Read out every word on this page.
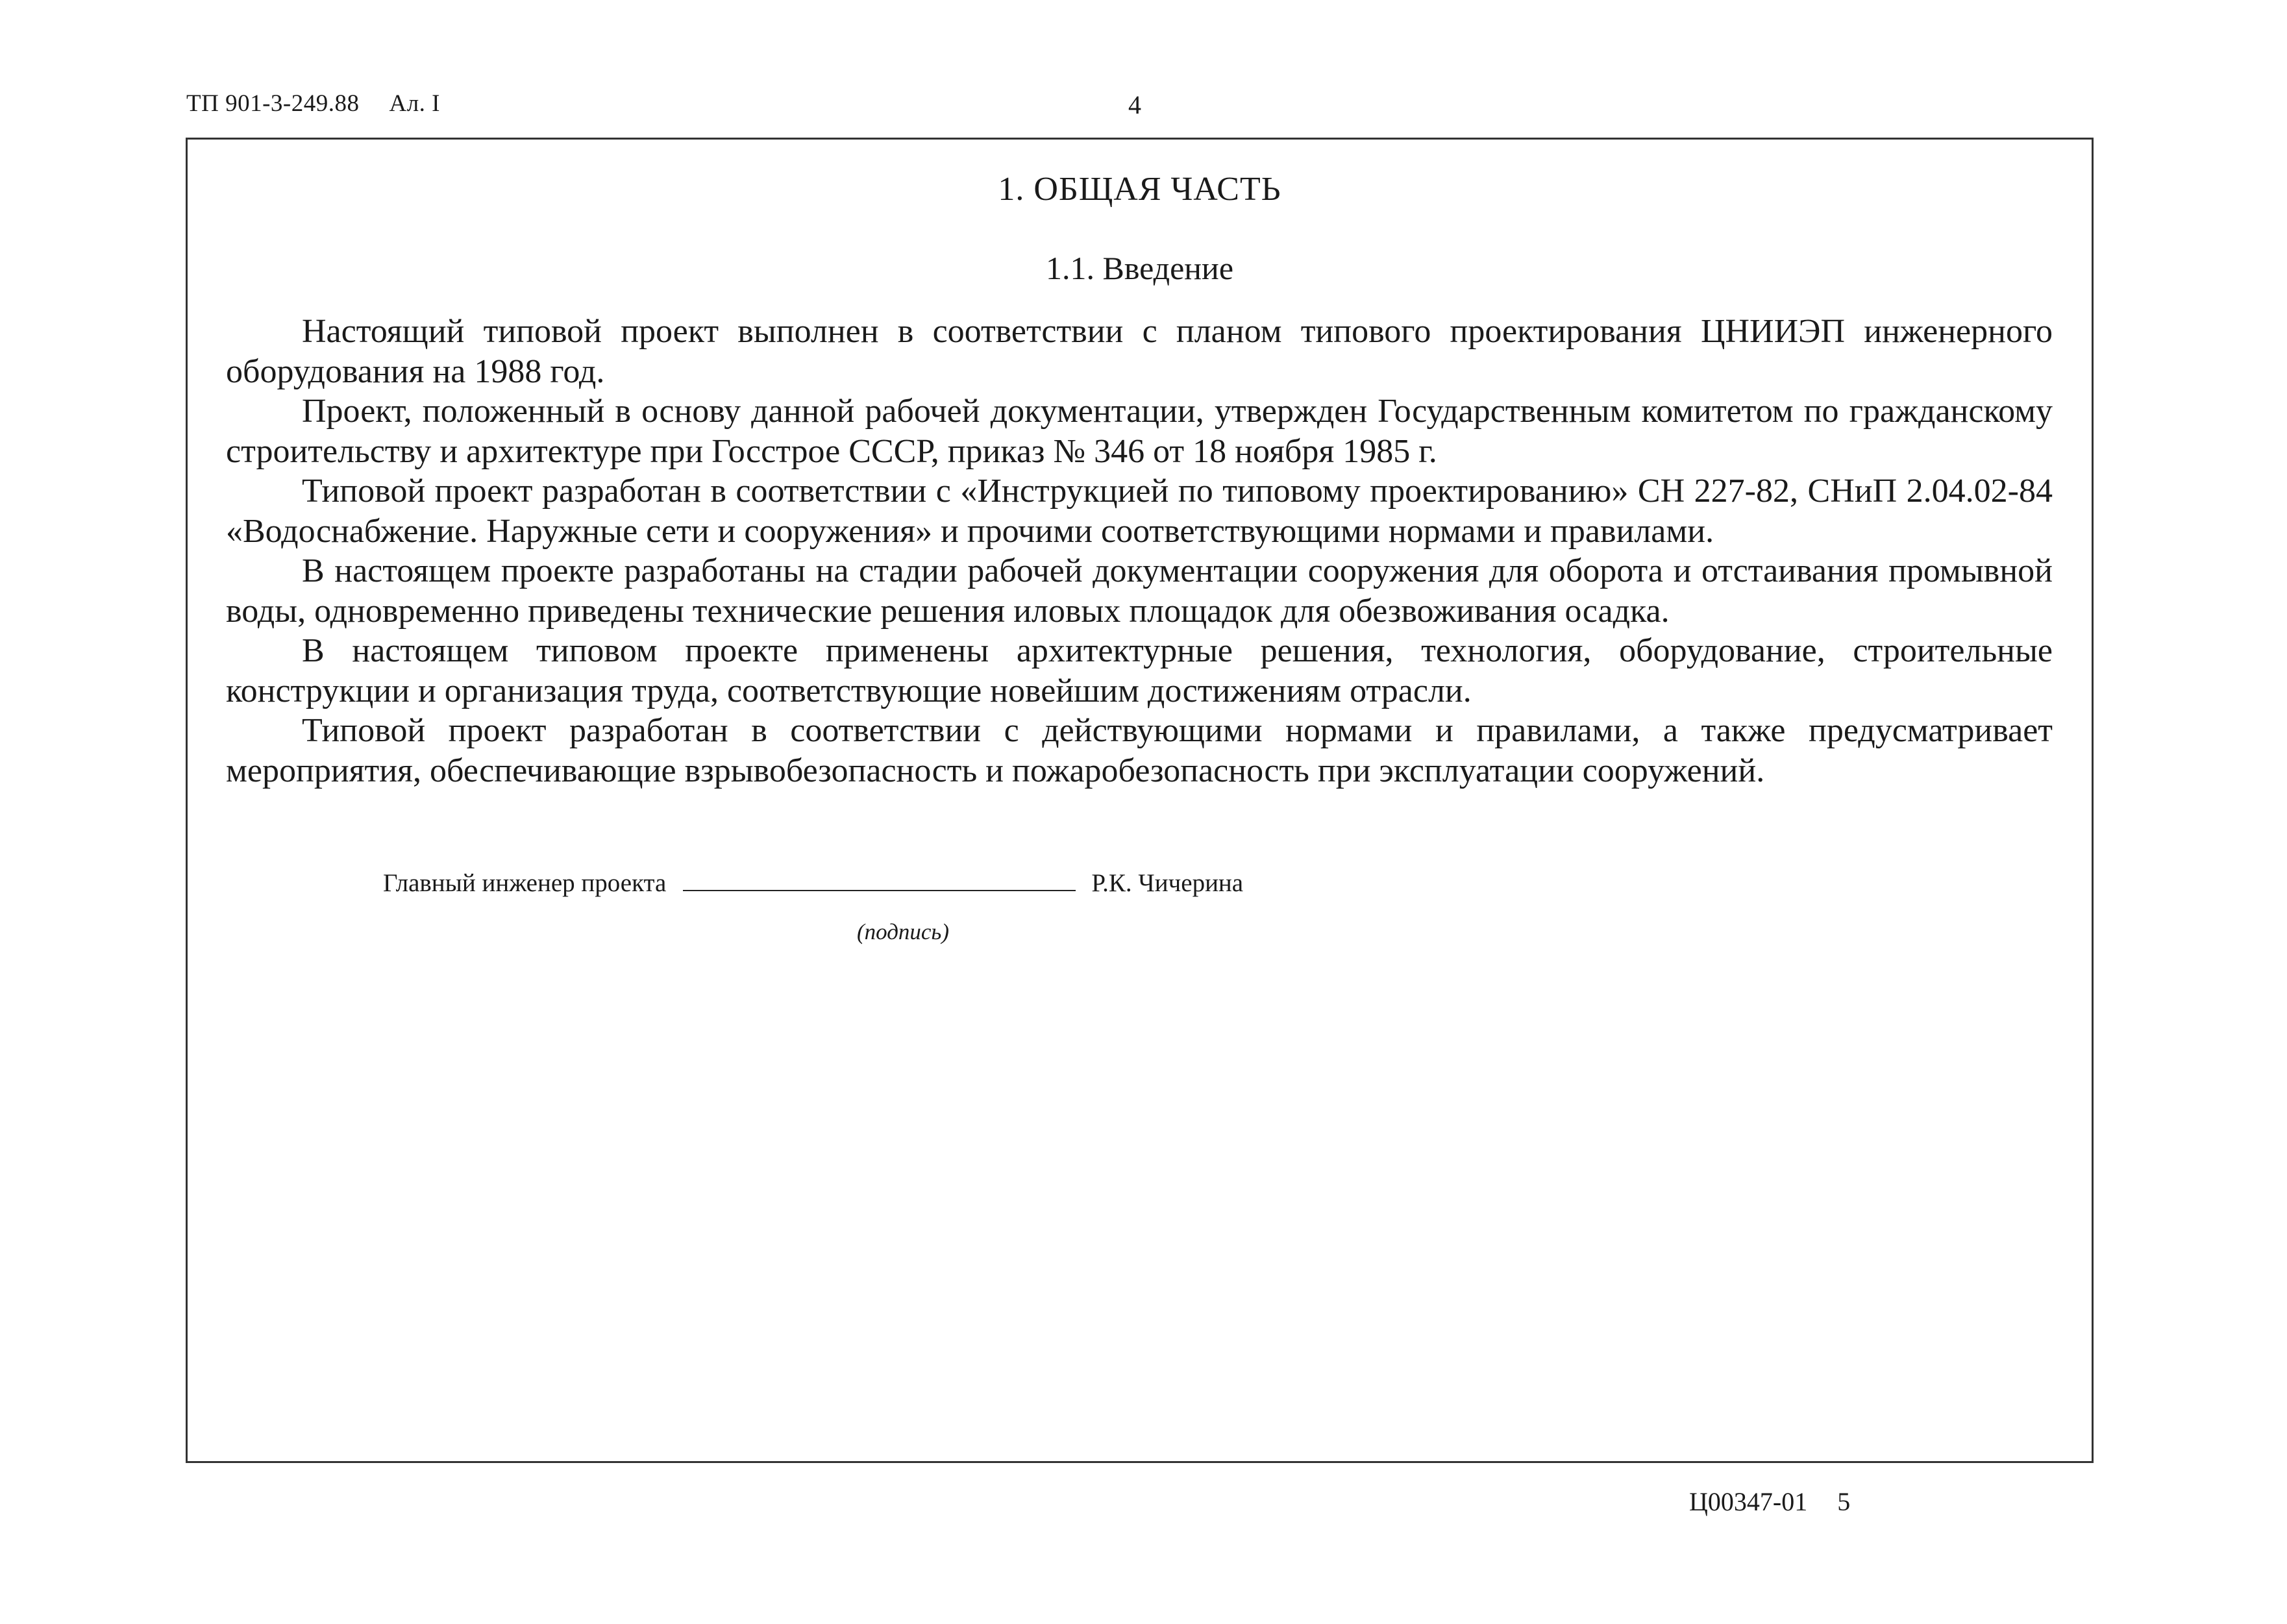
ТП 901-3-249.88 Ал. I	4
1. ОБЩАЯ ЧАСТЬ
1.1. Введение

Настоящий типовой проект выполнен в соответствии с планом типового проектирования ЦНИИЭП инженерного оборудования на 1988 год.

Проект, положенный в основу данной рабочей документации, утвержден Государственным комитетом по гражданскому строительству и архитектуре при Госстрое СССР, приказ № 346 от 18 ноября 1985 г.

Типовой проект разработан в соответствии с «Инструкцией по типовому проектированию» СН 227-82, СНиП 2.04.02-84 «Водоснабжение. Наружные сети и сооружения» и прочими соответствующими нормами и правилами.

В настоящем проекте разработаны на стадии рабочей документации сооружения для оборота и отстаивания промывной воды, одновременно приведены технические решения иловых площадок для обезвоживания осадка.

В настоящем типовом проекте применены архитектурные решения, технология, оборудование, строительные конструкции и организация труда, соответствующие новейшим достижениям отрасли.

Типовой проект разработан в соответствии с действующими нормами и правилами, а также предусматривает мероприятия, обеспечивающие взрывобезопасность и пожаробезопасность при эксплуатации сооружений.

Главный инженер проекта	Р.К. Чичерина
(подпись)
Ц00347-01 5
